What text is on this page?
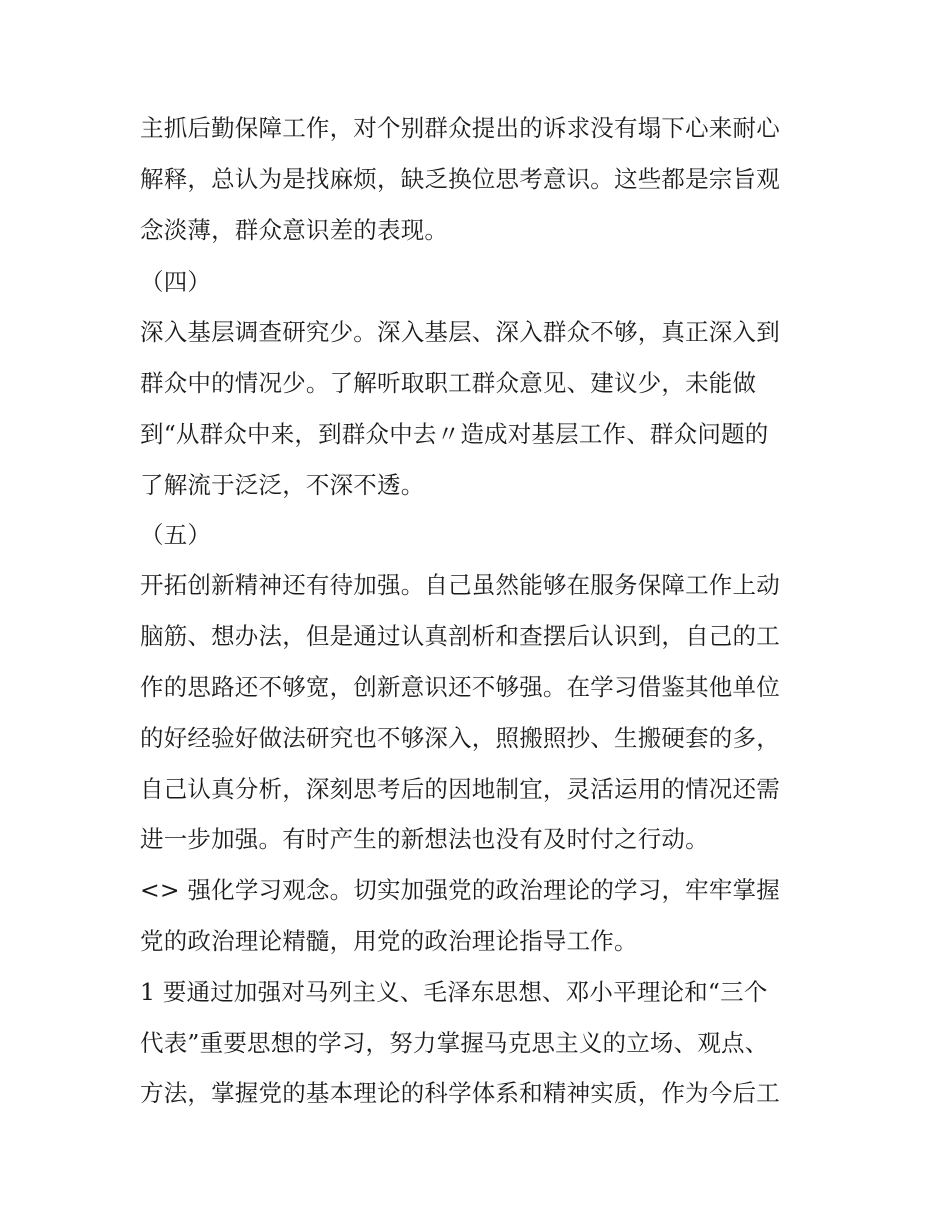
主抓后勤保障工作，对个别群众提出的诉求没有塌下心来耐心
解释，总认为是找麻烦，缺乏换位思考意识。这些都是宗旨观
念淡薄，群众意识差的表现。
（四）
深入基层调查研究少。深入基层、深入群众不够，真正深入到
群众中的情况少。了解听取职工群众意见、建议少，未能做
到“从群众中来，到群众中去〃造成对基层工作、群众问题的
了解流于泛泛，不深不透。
（五）
开拓创新精神还有待加强。自己虽然能够在服务保障工作上动
脑筋、想办法，但是通过认真剖析和查摆后认识到，自己的工
作的思路还不够宽，创新意识还不够强。在学习借鉴其他单位
的好经验好做法研究也不够深入，照搬照抄、生搬硬套的多，
自己认真分析，深刻思考后的因地制宜，灵活运用的情况还需
进一步加强。有时产生的新想法也没有及时付之行动。
<> 强化学习观念。切实加强党的政治理论的学习，牢牢掌握
党的政治理论精髓，用党的政治理论指导工作。
1 要通过加强对马列主义、毛泽东思想、邓小平理论和“三个
代表”重要思想的学习，努力掌握马克思主义的立场、观点、
方法，掌握党的基本理论的科学体系和精神实质，作为今后工
